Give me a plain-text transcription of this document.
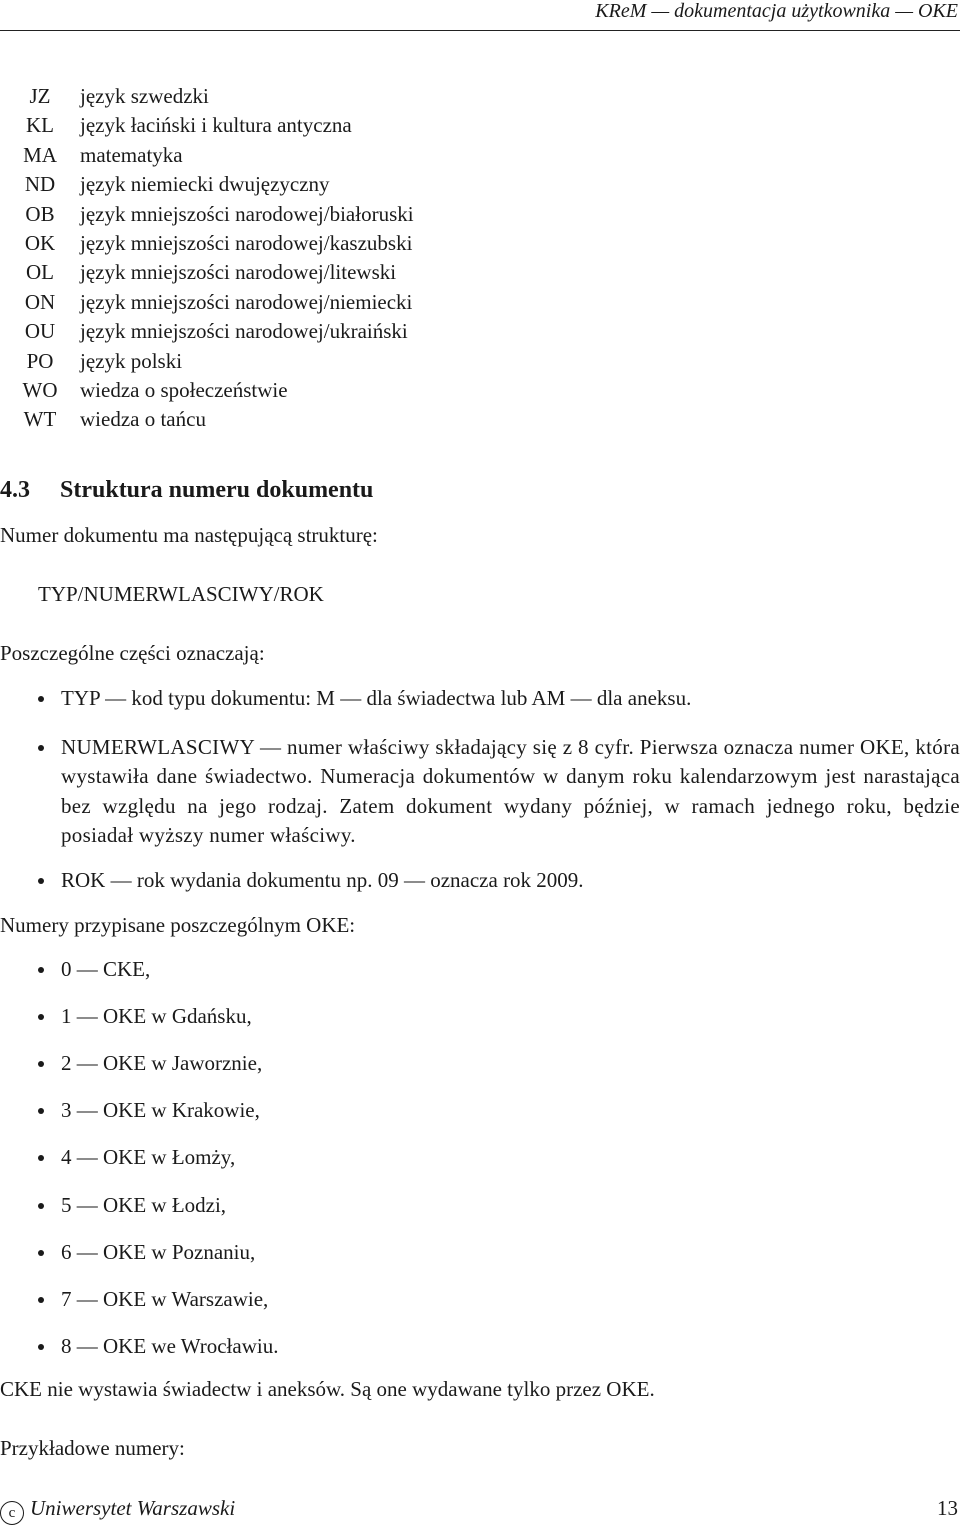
KReM — dokumentacja użytkownika — OKE
JZ język szwedzki
KL język łaciński i kultura antyczna
MA matematyka
ND język niemiecki dwujęzyczny
OB język mniejszości narodowej/białoruski
OK język mniejszości narodowej/kaszubski
OL język mniejszości narodowej/litewski
ON język mniejszości narodowej/niemiecki
OU język mniejszości narodowej/ukraiński
PO język polski
WO wiedza o społeczeństwie
WT wiedza o tańcu
4.3 Struktura numeru dokumentu
Numer dokumentu ma następującą strukturę:
TYP/NUMERWLASCIWY/ROK
Poszczególne części oznaczają:
TYP — kod typu dokumentu: M — dla świadectwa lub AM — dla aneksu.
NUMERWLASCIWY — numer właściwy składający się z 8 cyfr. Pierwsza oznacza numer OKE, która wystawiła dane świadectwo. Numeracja dokumentów w danym roku kalendarzowym jest narastająca bez względu na jego rodzaj. Zatem dokument wydany później, w ramach jednego roku, będzie posiadał wyższy numer właściwy.
ROK — rok wydania dokumentu np. 09 — oznacza rok 2009.
Numery przypisane poszczególnym OKE:
0 — CKE,
1 — OKE w Gdańsku,
2 — OKE w Jaworznie,
3 — OKE w Krakowie,
4 — OKE w Łomży,
5 — OKE w Łodzi,
6 — OKE w Poznaniu,
7 — OKE w Warszawie,
8 — OKE we Wrocławiu.
CKE nie wystawia świadectw i aneksów. Są one wydawane tylko przez OKE.
Przykładowe numery:
c Uniwersytet Warszawski	13
